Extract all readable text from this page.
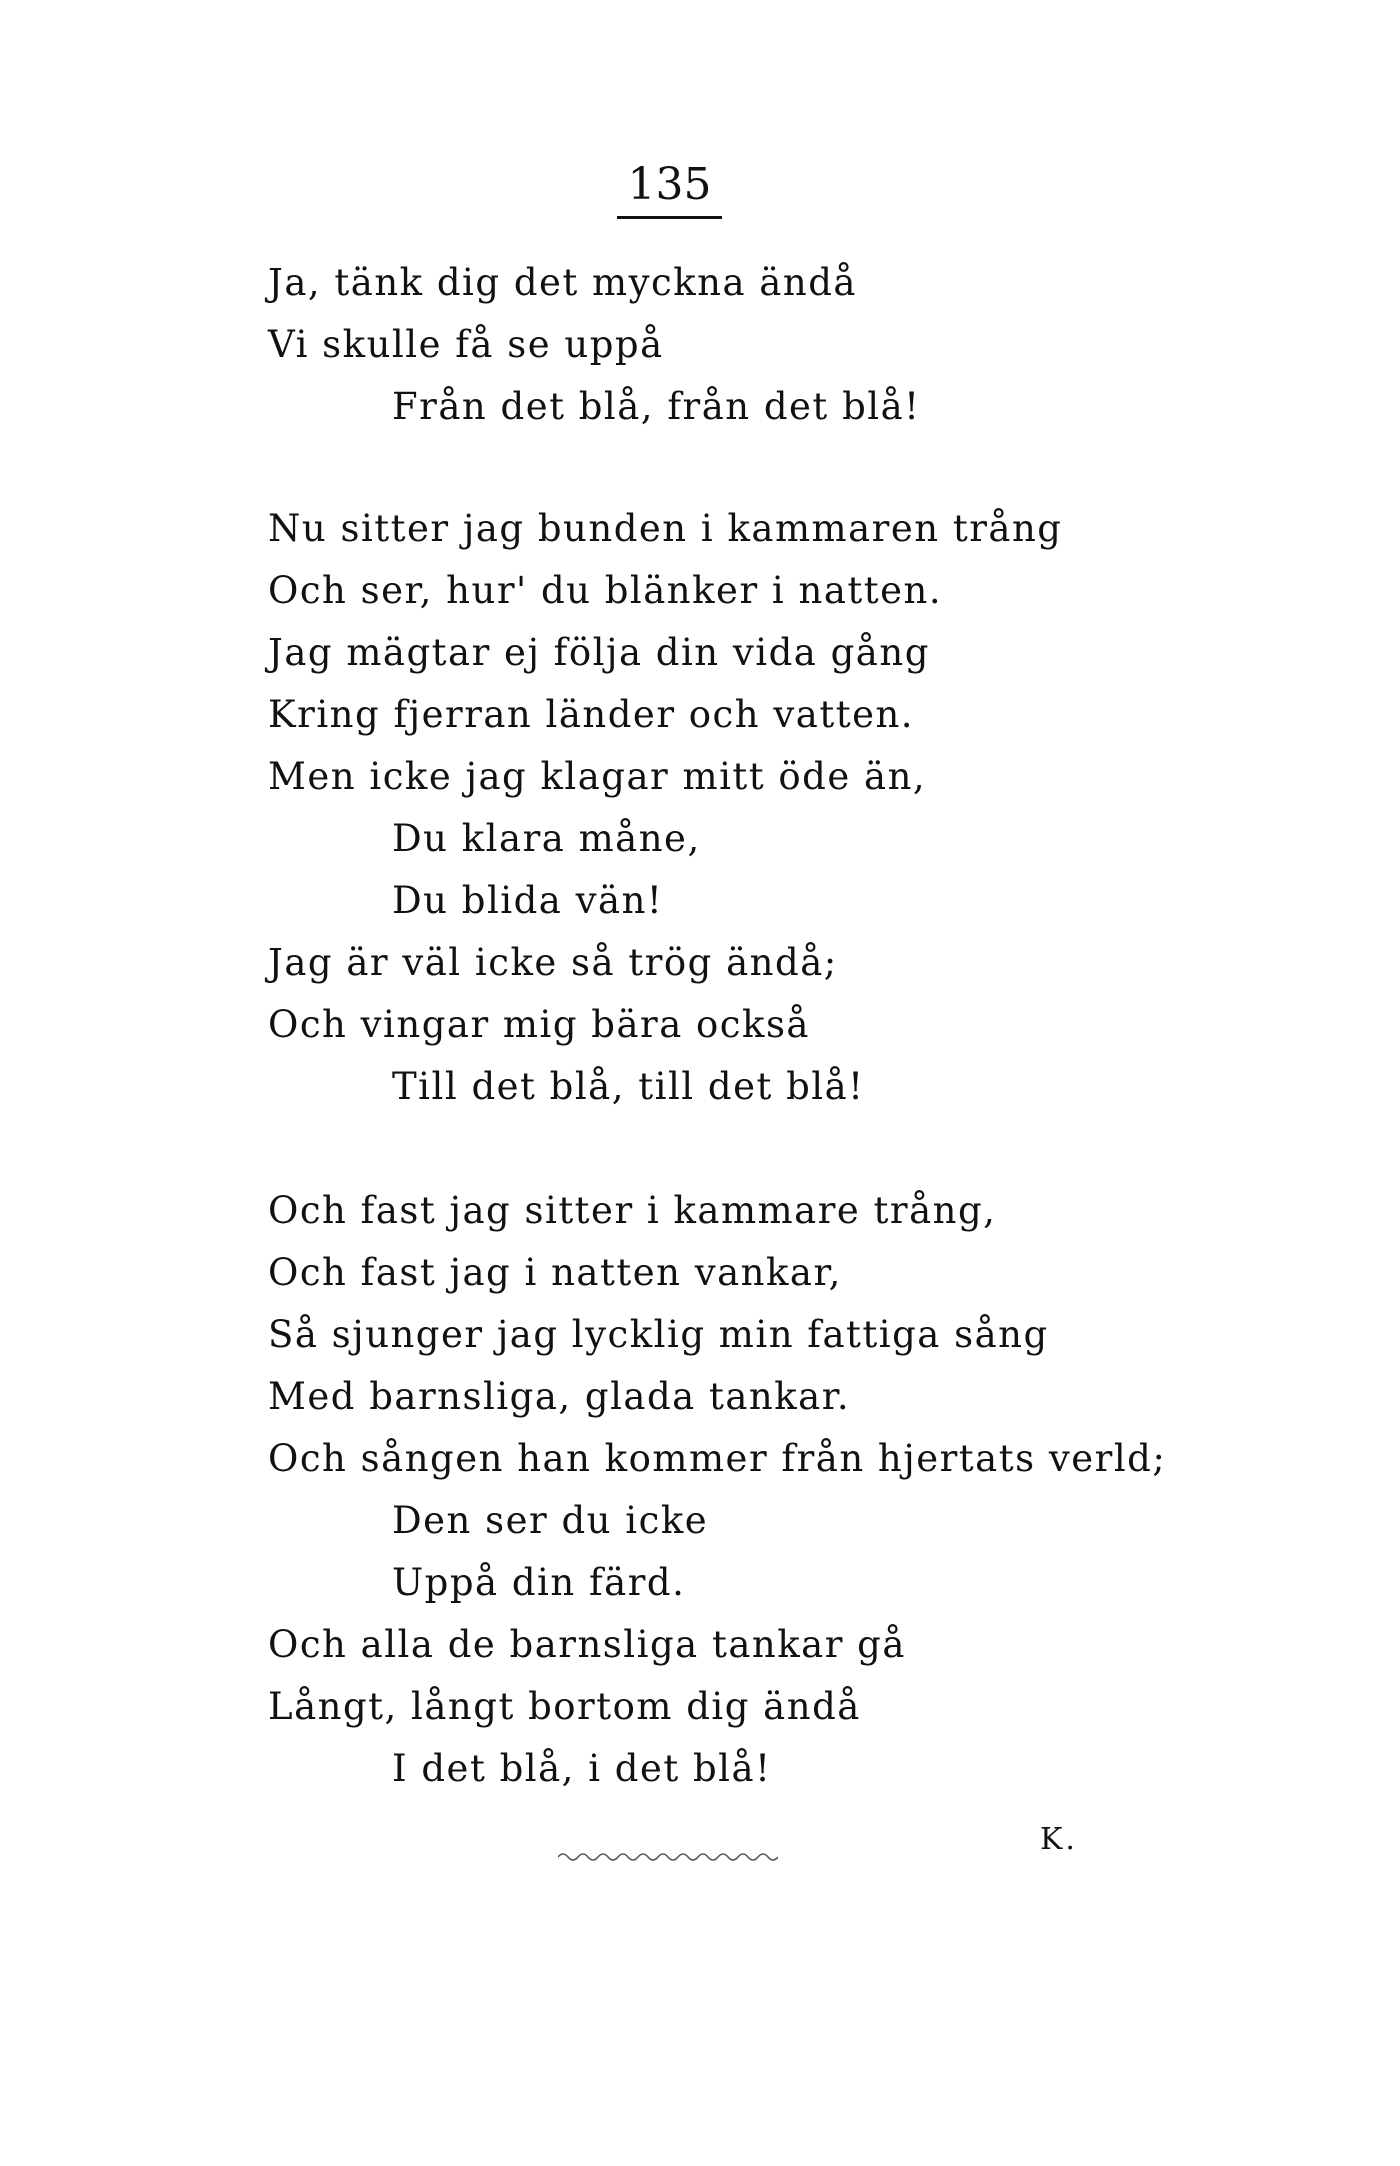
135

Ja, tänk dig det myckna ändå

Vi skulle få se uppå

Från det blå, från det blå!

Nu sitter jag bunden i kammaren trång

Och ser, hur' du blänker i natten.

Jag mägtar ej följa din vida gång

Kring fjerran länder och vatten.

Men icke jag klagar mitt öde än,

Du klara måne,

Du blida vän!

Jag är väl icke så trög ändå;

Och vingar mig bära också

Till det blå, till det blå!

Och fast jag sitter i kammare trång,

Och fast jag i natten vankar,

Så sjunger jag lycklig min fattiga sång

Med barnsliga, glada tankar.

Och sången han kommer från hjertats verld;

Den ser du icke

Uppå din färd.

Och alla de barnsliga tankar gå

Långt, långt bortom dig ändå

I det blå, i det blå!

K.
